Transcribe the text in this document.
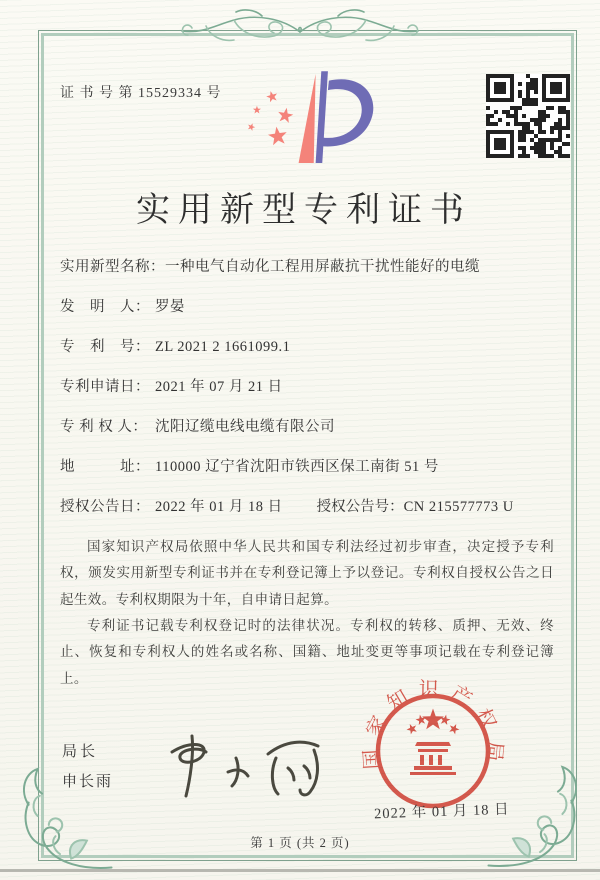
证 书 号 第 15529334 号
实用新型专利证书
实用新型名称： 一种电气自动化工程用屏蔽抗干扰性能好的电缆
发　明　人： 罗晏
专　利　号： ZL 2021 2 1661099.1
专利申请日： 2021 年 07 月 21 日
专 利 权 人： 沈阳辽缆电线电缆有限公司
地　　　址： 110000 辽宁省沈阳市铁西区保工南街 51 号
授权公告日： 2022 年 01 月 18 日 授权公告号： CN 215577773 U

国家知识产权局依照中华人民共和国专利法经过初步审查，决定授予专利权，颁发实用新型专利证书并在专利登记簿上予以登记。专利权自授权公告之日起生效。专利权期限为十年，自申请日起算。

专利证书记载专利权登记时的法律状况。专利权的转移、质押、无效、终止、恢复和专利权人的姓名或名称、国籍、地址变更等事项记载在专利登记簿上。

局长
申长雨
国家知识产权局
2022 年 01 月 18 日
第 1 页 (共 2 页)
